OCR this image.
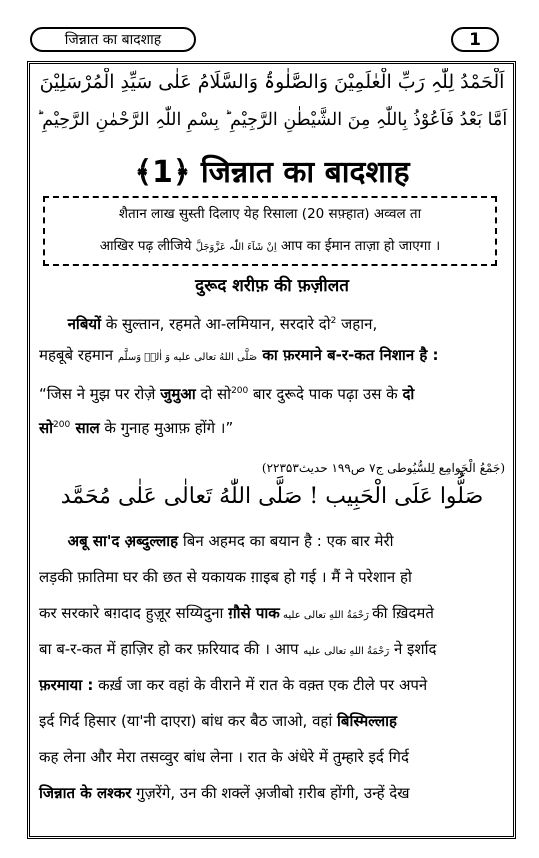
जिन्नात का बादशाह	1
اَلْحَمْدُ لِلّٰہِ رَبِّ الْعٰلَمِیْنَ وَالصَّلٰوۃُ وَالسَّلَامُ عَلٰی سَیِّدِ الْمُرْسَلِیْنَ
اَمَّا بَعْدُ فَاَعُوْذُ بِاللّٰہِ مِنَ الشَّیْطٰنِ الرَّجِیْمِ ؕ بِسْمِ اللّٰہِ الرَّحْمٰنِ الرَّحِیْمِ ؕ
﴾1﴿ जिन्नात का बादशाह
शैतान लाख सुस्ती दिलाए येह रिसाला (20 सफ़्हात) अव्वल ता
आखिर पढ़ लीजिये اِنْ شَآءَ اللّٰہ عَزَّوَجَلَّ आप का ईमान ताज़ा हो जाएगा ।
दुरूद शरीफ़ की फ़ज़ीलत
नबियों के सुल्तान, रहमते आ-लमियान, सरदारे दो$^2$ जहान,
महबूबे रहमान صَلَّى اللهُ تعالى عليه وَ اٰلهٖ وَسلَّم का फ़रमाने ब-र-कत निशान है :
“जिस ने मुझ पर रोज़े जुमुआ दो सो$^{200}$ बार दुरूदे पाक पढ़ा उस के दो
सो$^{200}$ साल के गुनाह मुआफ़ होंगे ।”
(جَمْعُ الْجَوامِع لِلسُّیُوطی ج۷ ص۱۹۹ حدیث۲۲۳۵۳)
صَلُّوا عَلَی الْحَبِیب ! صَلَّی اللّٰهُ تَعالٰی عَلٰی مُحَمَّد
अबू सा'द अ़ब्दुल्लाह बिन अहमद का बयान है : एक बार मेरी
लड़की फ़ातिमा घर की छत से यकायक ग़ाइब हो गई । मैं ने परेशान हो
कर सरकारे बग़दाद हुज़ूर सय्यिदुना ग़ौसे पाक رَحْمَةُ اللهِ تعالى عليه की ख़िदमते
बा ब-र-कत में हाज़िर हो कर फ़रियाद की । आप رَحْمَةُ اللهِ تعالى عليه ने इर्शाद
फ़रमाया : कर्ख़ जा कर वहां के वीराने में रात के वक़्त एक टीले पर अपने
इर्द गिर्द हिसार (या'नी दाएरा) बांध कर बैठ जाओ, वहां बिस्मिल्लाह
कह लेना और मेरा तसव्वुर बांध लेना । रात के अंधेरे में तुम्हारे इर्द गिर्द
जिन्नात के लश्कर गुज़रेंगे, उन की शक्लें अ़जीबो ग़रीब होंगी, उन्हें देख
